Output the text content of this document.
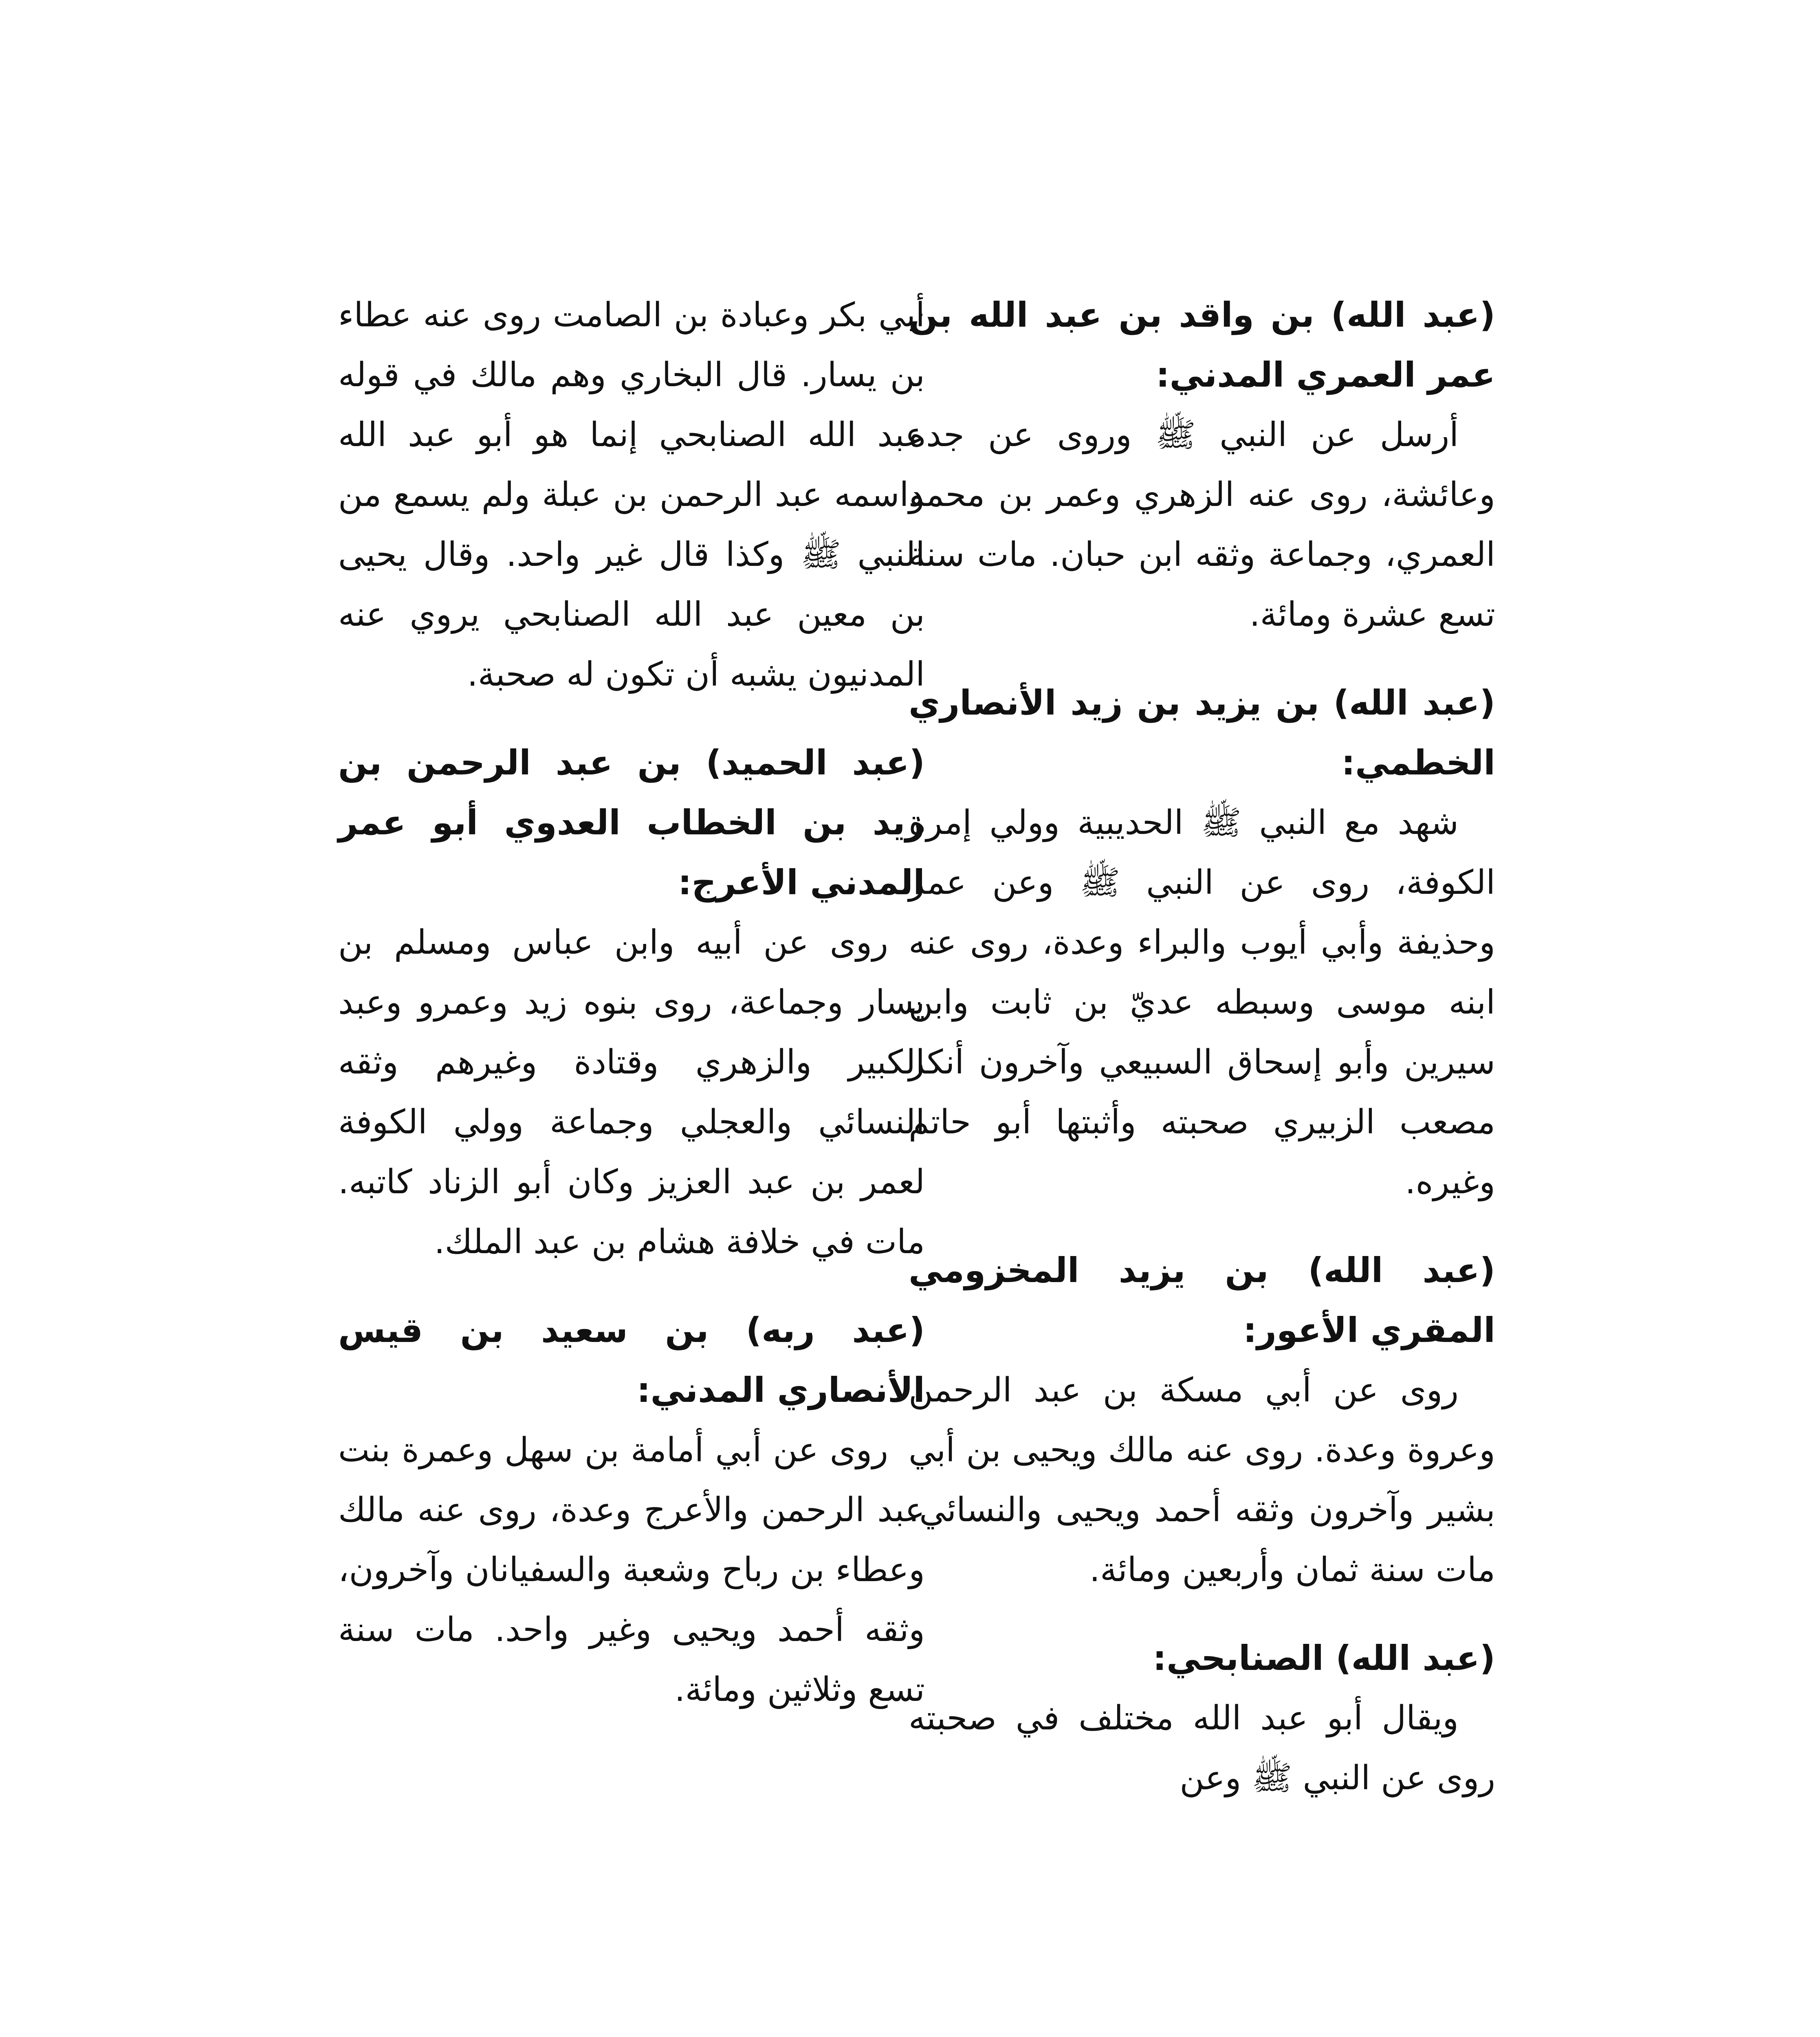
(عبد الله) بن واقد بن عبد الله بن عمر العمري المدني:

أرسل عن النبي ﷺ وروى عن جده وعائشة، روى عنه الزهري وعمر بن محمد العمري، وجماعة وثقه ابن حبان. مات سنة تسع عشرة ومائة.

(عبد الله) بن يزيد بن زيد الأنصاري الخطمي:

شهد مع النبي ﷺ الحديبية وولي إمرة الكوفة، روى عن النبي ﷺ وعن عمر وحذيفة وأبي أيوب والبراء وعدة، روى عنه ابنه موسى وسبطه عديّ بن ثابت وابن سيرين وأبو إسحاق السبيعي وآخرون أنكر مصعب الزبيري صحبته وأثبتها أبو حاتم وغيره.

(عبد الله) بن يزيد المخزومي المقري الأعور:

روى عن أبي مسكة بن عبد الرحمن وعروة وعدة. روى عنه مالك ويحيى بن أبي بشير وآخرون وثقه أحمد ويحيى والنسائي. مات سنة ثمان وأربعين ومائة.

(عبد الله) الصنابحي:

ويقال أبو عبد الله مختلف في صحبته روى عن النبي ﷺ وعن

أبي بكر وعبادة بن الصامت روى عنه عطاء بن يسار. قال البخاري وهم مالك في قوله عبد الله الصنابحي إنما هو أبو عبد الله واسمه عبد الرحمن بن عبلة ولم يسمع من النبي ﷺ وكذا قال غير واحد. وقال يحيى بن معين عبد الله الصنابحي يروي عنه المدنيون يشبه أن تكون له صحبة.

(عبد الحميد) بن عبد الرحمن بن زيد بن الخطاب العدوي أبو عمر المدني الأعرج:

روى عن أبيه وابن عباس ومسلم بن يسار وجماعة، روى بنوه زيد وعمرو وعبد الكبير والزهري وقتادة وغيرهم وثقه النسائي والعجلي وجماعة وولي الكوفة لعمر بن عبد العزيز وكان أبو الزناد كاتبه. مات في خلافة هشام بن عبد الملك.

(عبد ربه) بن سعيد بن قيس الأنصاري المدني:

روى عن أبي أمامة بن سهل وعمرة بنت عبد الرحمن والأعرج وعدة، روى عنه مالك وعطاء بن رباح وشعبة والسفيانان وآخرون، وثقه أحمد ويحيى وغير واحد. مات سنة تسع وثلاثين ومائة.
